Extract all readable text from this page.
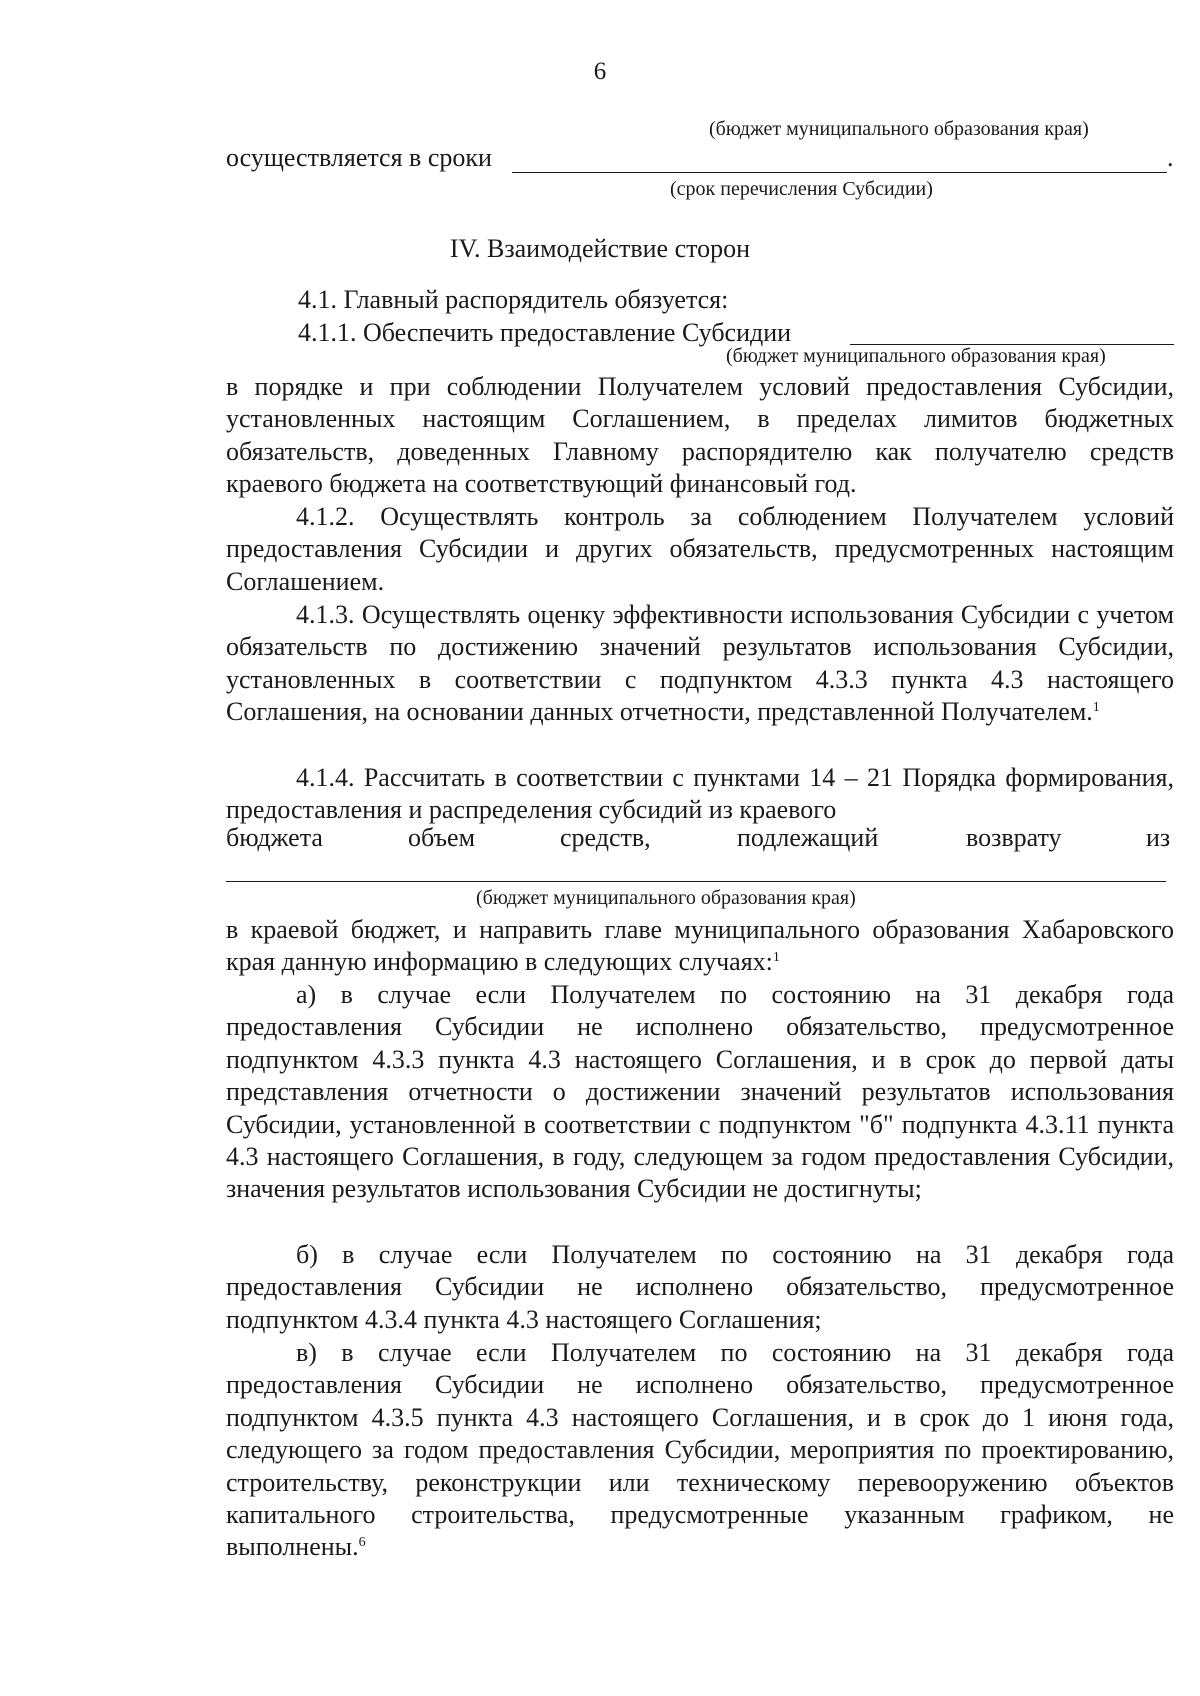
6
(бюджет муниципального образования края)
осуществляется в сроки	.
(срок перечисления Субсидии)
IV. Взаимодействие сторон
4.1. Главный распорядитель обязуется:
4.1.1. Обеспечить предоставление Субсидии
(бюджет муниципального образования края)
в порядке и при соблюдении Получателем условий предоставления Субсидии, установленных настоящим Соглашением, в пределах лимитов бюджетных обязательств, доведенных Главному распорядителю как получателю средств краевого бюджета на соответствующий финансовый год.
4.1.2. Осуществлять контроль за соблюдением Получателем условий предоставления Субсидии и других обязательств, предусмотренных настоящим Соглашением.
4.1.3. Осуществлять оценку эффективности использования Субсидии с учетом обязательств по достижению значений результатов использования Субсидии, установленных в соответствии с подпунктом 4.3.3 пункта 4.3 настоящего Соглашения, на основании данных отчетности, представленной Получателем.$^1$
4.1.4. Рассчитать в соответствии с пунктами 14 – 21 Порядка формирования, предоставления и распределения субсидий из краевого
бюджета	объем	средств,	подлежащий	возврату	из
(бюджет муниципального образования края)
в краевой бюджет, и направить главе муниципального образования Хабаровского края данную информацию в следующих случаях:$^1$
а) в случае если Получателем по состоянию на 31 декабря года предоставления Субсидии не исполнено обязательство, предусмотренное подпунктом 4.3.3 пункта 4.3 настоящего Соглашения, и в срок до первой даты представления отчетности о достижении значений результатов использования Субсидии, установленной в соответствии с подпунктом "б" подпункта 4.3.11 пункта 4.3 настоящего Соглашения, в году, следующем за годом предоставления Субсидии, значения результатов использования Субсидии не достигнуты;
б) в случае если Получателем по состоянию на 31 декабря года предоставления Субсидии не исполнено обязательство, предусмотренное подпунктом 4.3.4 пункта 4.3 настоящего Соглашения;
в) в случае если Получателем по состоянию на 31 декабря года предоставления Субсидии не исполнено обязательство, предусмотренное подпунктом 4.3.5 пункта 4.3 настоящего Соглашения, и в срок до 1 июня года, следующего за годом предоставления Субсидии, мероприятия по проектированию, строительству, реконструкции или техническому перевооружению объектов капитального строительства, предусмотренные указанным графиком, не выполнены.$^6$
